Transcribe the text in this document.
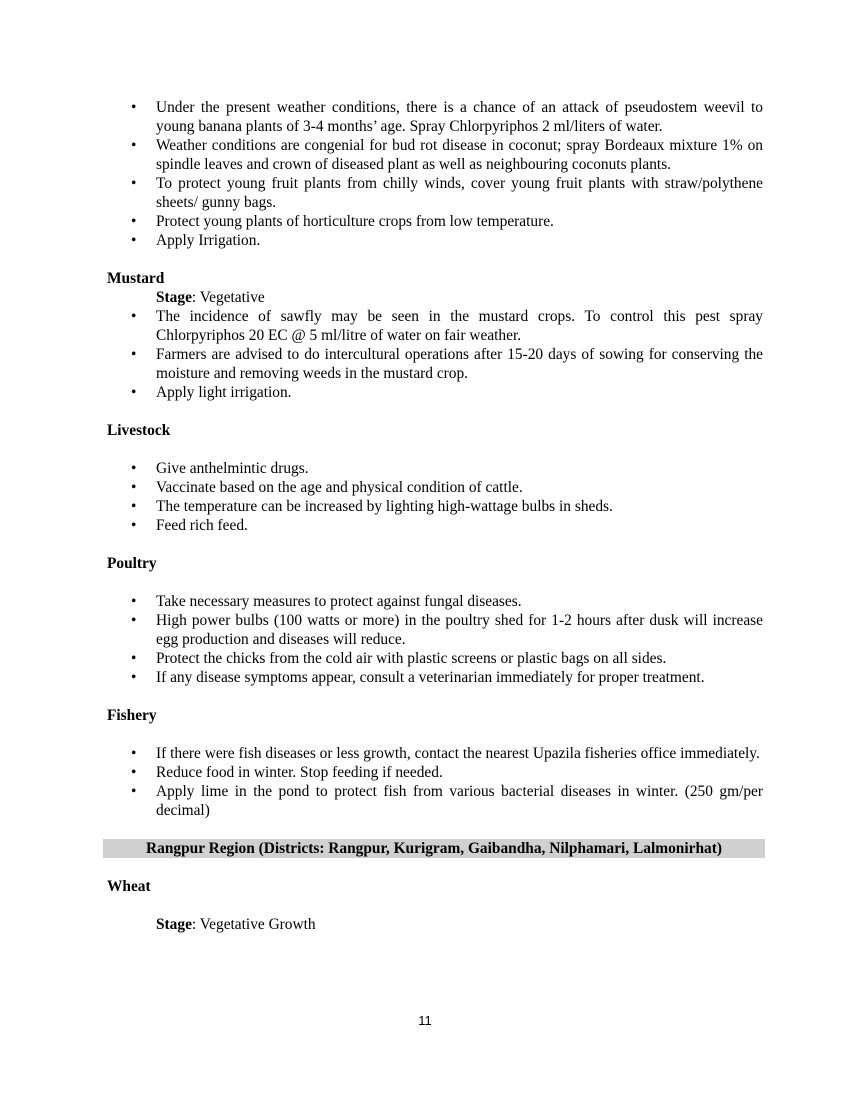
• Under the present weather conditions, there is a chance of an attack of pseudostem weevil to young banana plants of 3-4 months’ age. Spray Chlorpyriphos 2 ml/liters of water.
• Weather conditions are congenial for bud rot disease in coconut; spray Bordeaux mixture 1% on spindle leaves and crown of diseased plant as well as neighbouring coconuts plants.
• To protect young fruit plants from chilly winds, cover young fruit plants with straw/polythene sheets/ gunny bags.
• Protect young plants of horticulture crops from low temperature.
• Apply Irrigation.
Mustard
Stage: Vegetative
• The incidence of sawfly may be seen in the mustard crops. To control this pest spray Chlorpyriphos 20 EC @ 5 ml/litre of water on fair weather.
• Farmers are advised to do intercultural operations after 15-20 days of sowing for conserving the moisture and removing weeds in the mustard crop.
• Apply light irrigation.
Livestock
• Give anthelmintic drugs.
• Vaccinate based on the age and physical condition of cattle.
• The temperature can be increased by lighting high-wattage bulbs in sheds.
• Feed rich feed.
Poultry
• Take necessary measures to protect against fungal diseases.
• High power bulbs (100 watts or more) in the poultry shed for 1-2 hours after dusk will increase egg production and diseases will reduce.
• Protect the chicks from the cold air with plastic screens or plastic bags on all sides.
• If any disease symptoms appear, consult a veterinarian immediately for proper treatment.
Fishery
• If there were fish diseases or less growth, contact the nearest Upazila fisheries office immediately.
• Reduce food in winter. Stop feeding if needed.
• Apply lime in the pond to protect fish from various bacterial diseases in winter. (250 gm/per decimal)
Rangpur Region (Districts: Rangpur, Kurigram, Gaibandha, Nilphamari, Lalmonirhat)
Wheat
Stage: Vegetative Growth
11
